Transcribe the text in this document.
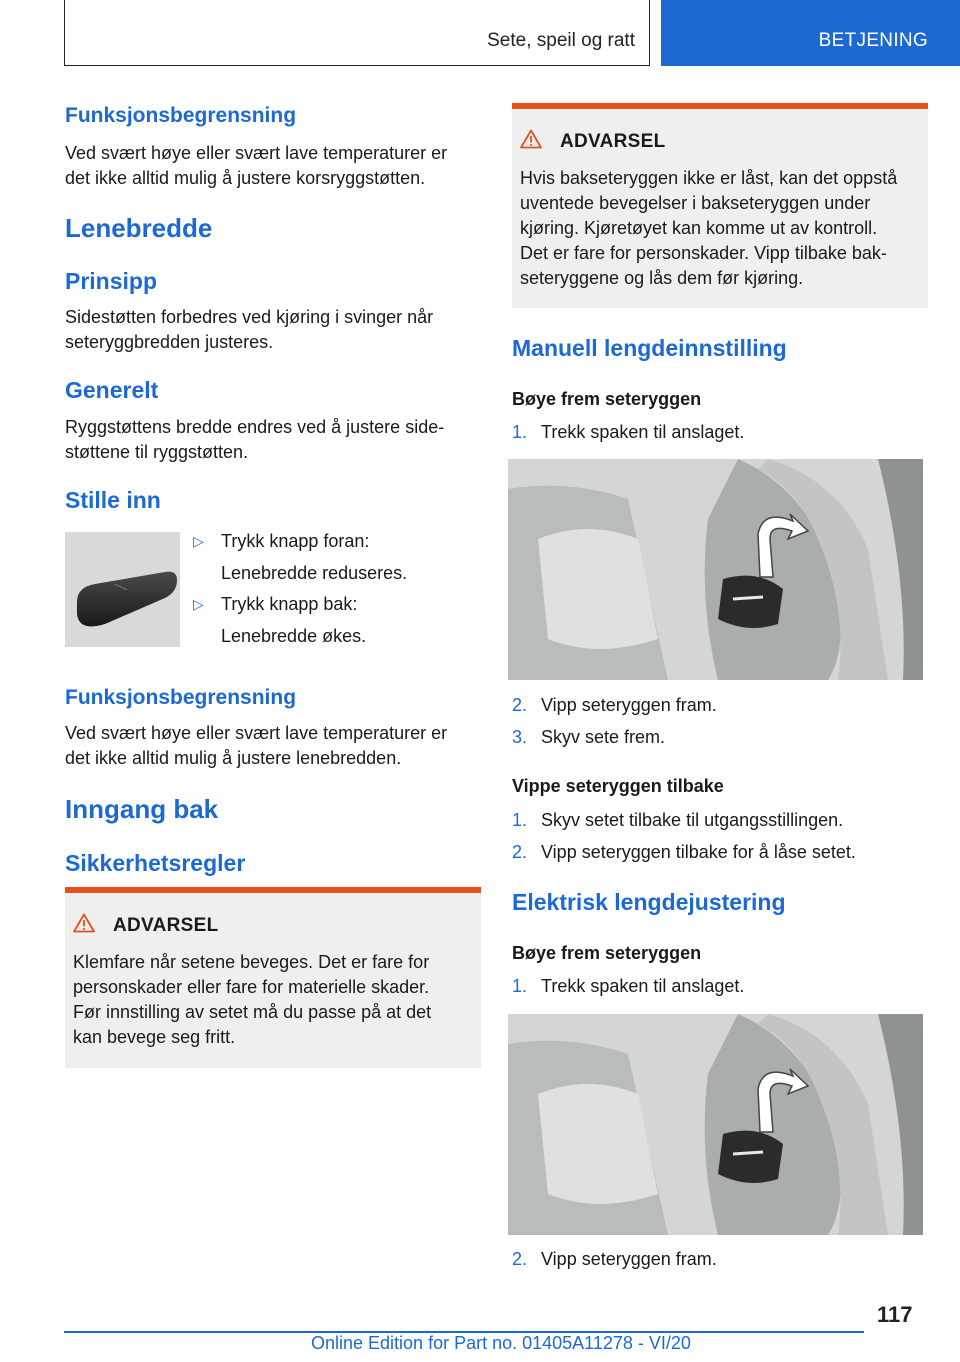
Sete, speil og ratt	BETJENING
Funksjonsbegrensning
Ved svært høye eller svært lave temperaturer er
det ikke alltid mulig å justere korsryggstøtten.
Lenebredde
Prinsipp
Sidestøtten forbedres ved kjøring i svinger når
seteryggbredden justeres.
Generelt
Ryggstøttens bredde endres ved å justere side-
støttene til ryggstøtten.
Stille inn
▷ Trykk knapp foran:
Lenebredde reduseres.
▷ Trykk knapp bak:
Lenebredde økes.
Funksjonsbegrensning
Ved svært høye eller svært lave temperaturer er
det ikke alltid mulig å justere lenebredden.
Inngang bak
Sikkerhetsregler
ADVARSEL
Klemfare når setene beveges. Det er fare for
personskader eller fare for materielle skader.
Før innstilling av setet må du passe på at det
kan bevege seg fritt.
ADVARSEL
Hvis bakseteryggen ikke er låst, kan det oppstå
uventede bevegelser i bakseteryggen under
kjøring. Kjøretøyet kan komme ut av kontroll.
Det er fare for personskader. Vipp tilbake bak-
seteryggene og lås dem før kjøring.
Manuell lengdeinnstilling
Bøye frem seteryggen
1. Trekk spaken til anslaget.
2. Vipp seteryggen fram.
3. Skyv sete frem.
Vippe seteryggen tilbake
1. Skyv setet tilbake til utgangsstillingen.
2. Vipp seteryggen tilbake for å låse setet.
Elektrisk lengdejustering
Bøye frem seteryggen
1. Trekk spaken til anslaget.
2. Vipp seteryggen fram.
117
Online Edition for Part no. 01405A11278 - VI/20
